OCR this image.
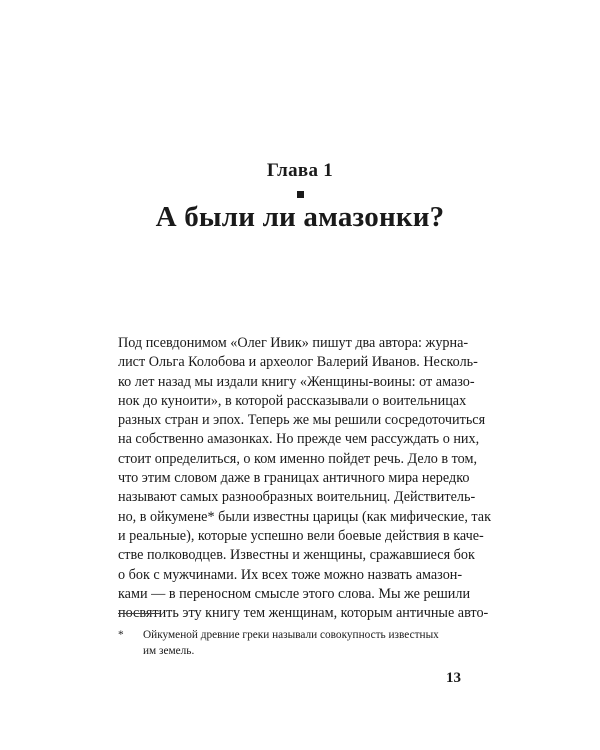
Глава 1
А были ли амазонки?
Под псевдонимом «Олег Ивик» пишут два автора: журна-
лист Ольга Колобова и археолог Валерий Иванов. Несколь-
ко лет назад мы издали книгу «Женщины-воины: от амазо-
нок до куноити», в которой рассказывали о воительницах
разных стран и эпох. Теперь же мы решили сосредоточиться
на собственно амазонках. Но прежде чем рассуждать о них,
стоит определиться, о ком именно пойдет речь. Дело в том,
что этим словом даже в границах античного мира нередко
называют самых разнообразных воительниц. Действитель-
но, в ойкумене* были известны царицы (как мифические, так
и реальные), которые успешно вели боевые действия в каче-
стве полководцев. Известны и женщины, сражавшиеся бок
о бок с мужчинами. Их всех тоже можно назвать амазон-
ками — в переносном смысле этого слова. Мы же решили
посвятить эту книгу тем женщинам, которым античные авто-
* Ойкуменой древние греки называли совокупность известных
им земель.
13
